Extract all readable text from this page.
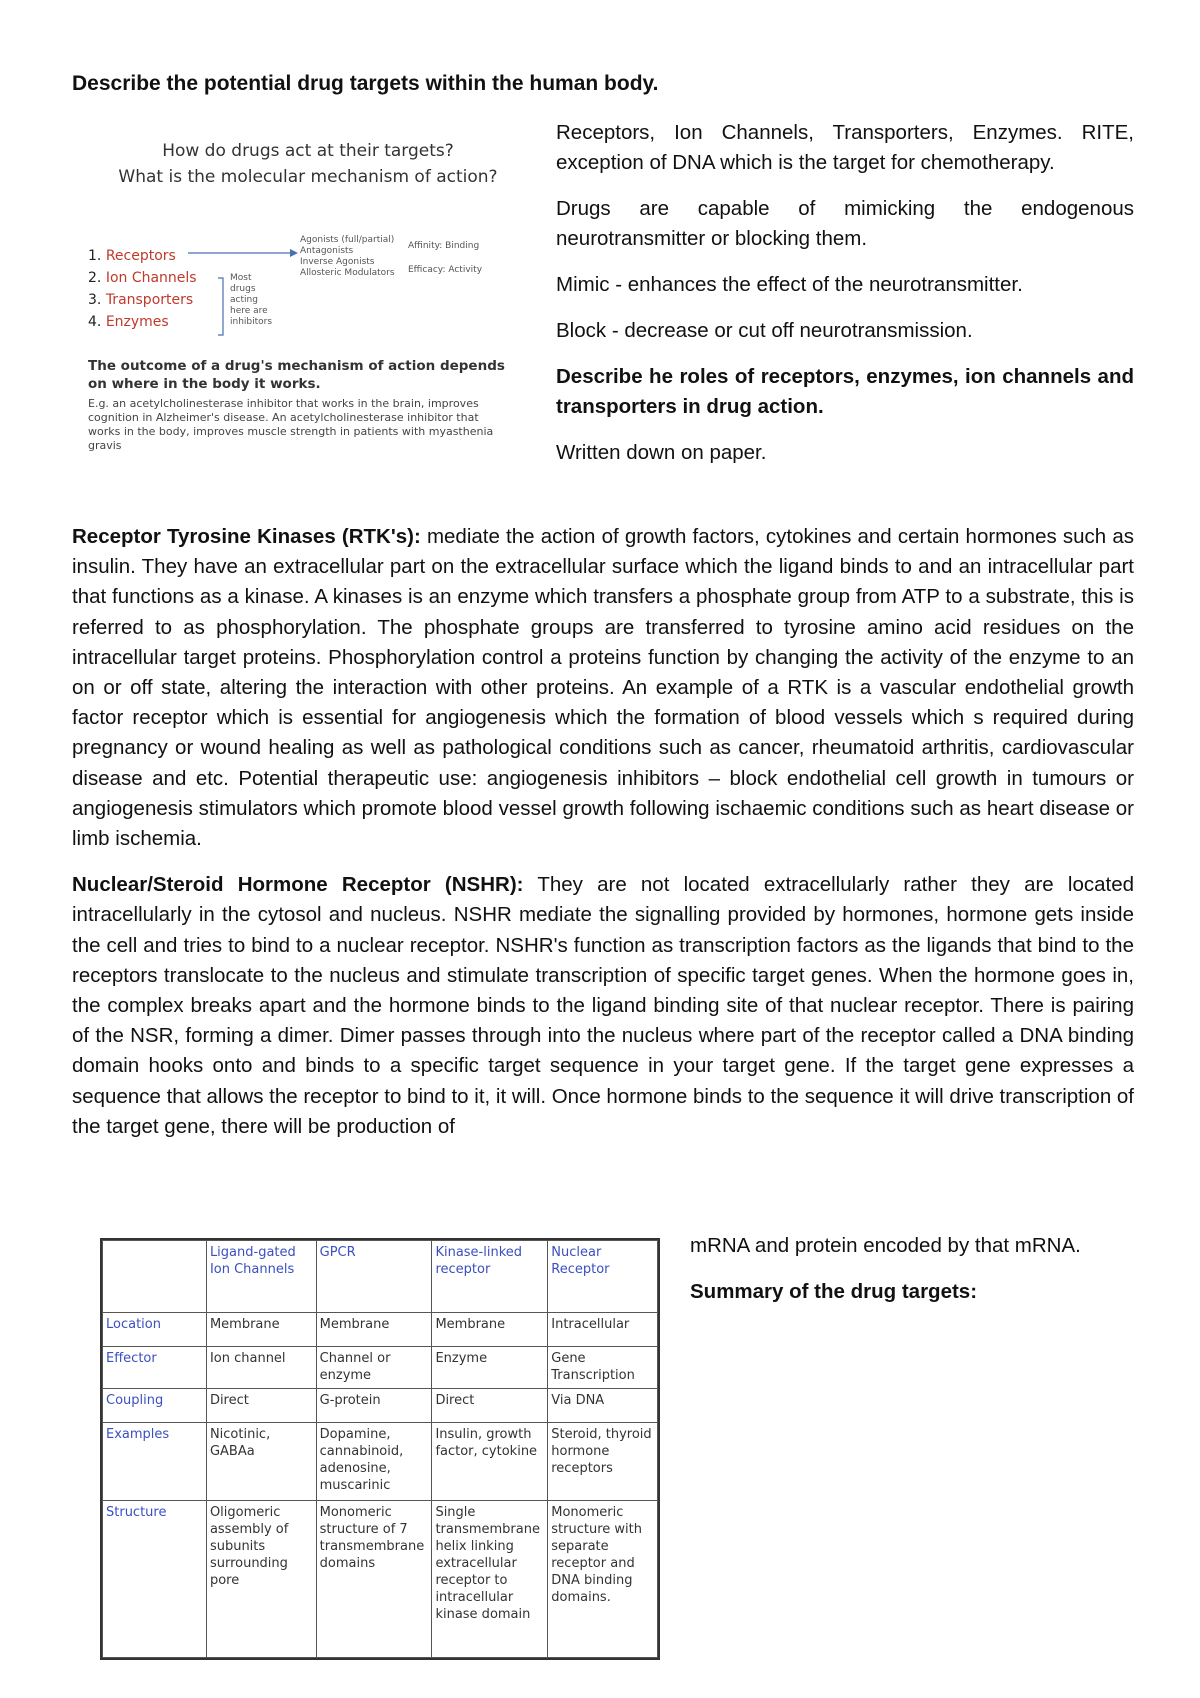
Describe the potential drug targets within the human body.
How do drugs act at their targets?
What is the molecular mechanism of action?
1. Receptors
2. Ion Channels
3. Transporters
4. Enzymes
Agonists (full/partial)
Antagonists
Inverse Agonists
Allosteric Modulators
Most
drugs
acting
here are
inhibitors
Affinity: Binding
Efficacy: Activity
The outcome of a drug's mechanism of action depends on where in the body it works.
E.g. an acetylcholinesterase inhibitor that works in the brain, improves cognition in Alzheimer's disease. An acetylcholinesterase inhibitor that works in the body, improves muscle strength in patients with myasthenia gravis

Receptors, Ion Channels, Transporters, Enzymes. RITE, exception of DNA which is the target for chemotherapy.

Drugs are capable of mimicking the endogenous neurotransmitter or blocking them.

Mimic - enhances the effect of the neurotransmitter.

Block - decrease or cut off neurotransmission.

Describe he roles of receptors, enzymes, ion channels and transporters in drug action.

Written down on paper.

Receptor Tyrosine Kinases (RTK's): mediate the action of growth factors, cytokines and certain hormones such as insulin. They have an extracellular part on the extracellular surface which the ligand binds to and an intracellular part that functions as a kinase. A kinases is an enzyme which transfers a phosphate group from ATP to a substrate, this is referred to as phosphorylation. The phosphate groups are transferred to tyrosine amino acid residues on the intracellular target proteins. Phosphorylation control a proteins function by changing the activity of the enzyme to an on or off state, altering the interaction with other proteins. An example of a RTK is a vascular endothelial growth factor receptor which is essential for angiogenesis which the formation of blood vessels which s required during pregnancy or wound healing as well as pathological conditions such as cancer, rheumatoid arthritis, cardiovascular disease and etc. Potential therapeutic use: angiogenesis inhibitors – block endothelial cell growth in tumours or angiogenesis stimulators which promote blood vessel growth following ischaemic conditions such as heart disease or limb ischemia.

Nuclear/Steroid Hormone Receptor (NSHR): They are not located extracellularly rather they are located intracellularly in the cytosol and nucleus. NSHR mediate the signalling provided by hormones, hormone gets inside the cell and tries to bind to a nuclear receptor. NSHR's function as transcription factors as the ligands that bind to the receptors translocate to the nucleus and stimulate transcription of specific target genes. When the hormone goes in, the complex breaks apart and the hormone binds to the ligand binding site of that nuclear receptor. There is pairing of the NSR, forming a dimer. Dimer passes through into the nucleus where part of the receptor called a DNA binding domain hooks onto and binds to a specific target sequence in your target gene. If the target gene expresses a sequence that allows the receptor to bind to it, it will. Once hormone binds to the sequence it will drive transcription of the target gene, there will be production of

	Ligand-gated Ion Channels	GPCR	Kinase-linked receptor	Nuclear Receptor
Location	Membrane	Membrane	Membrane	Intracellular
Effector	Ion channel	Channel or enzyme	Enzyme	Gene Transcription
Coupling	Direct	G-protein	Direct	Via DNA
Examples	Nicotinic, GABAa	Dopamine, cannabinoid, adenosine, muscarinic	Insulin, growth factor, cytokine	Steroid, thyroid hormone receptors
Structure	Oligomeric assembly of subunits surrounding pore	Monomeric structure of 7 transmembrane domains	Single transmembrane helix linking extracellular receptor to intracellular kinase domain	Monomeric structure with separate receptor and DNA binding domains.

mRNA and protein encoded by that mRNA.

Summary of the drug targets:
